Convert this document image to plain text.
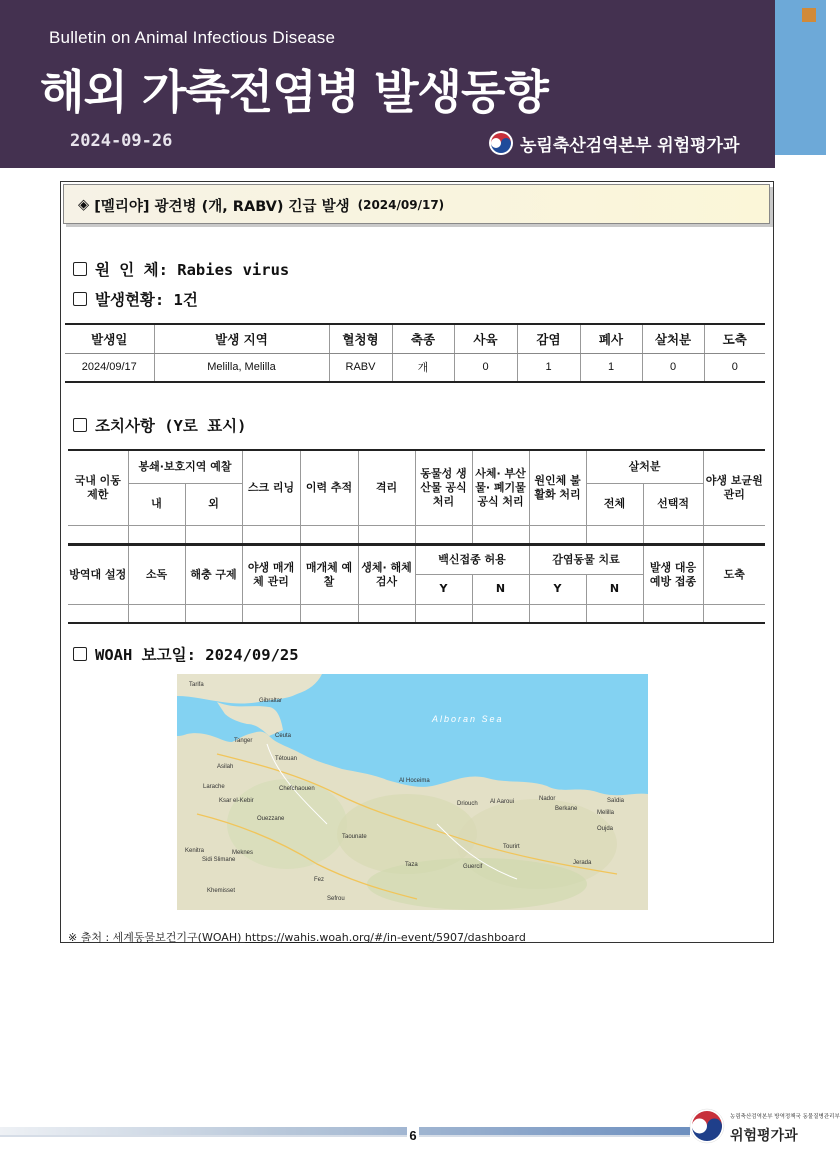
Bulletin on Animal Infectious Disease
해외 가축전염병 발생동향
2024-09-26	농림축산검역본부 위험평가과
◈
[멜리야] 광견병 (개, RABV) 긴급 발생 (2024/09/17)
원 인 체: Rabies virus
발생현황: 1건
발생일	발생 지역	혈청형	축종	사육	감염	폐사	살처분	도축
2024/09/17	Melilla, Melilla	RABV	개	0	1	1	0	0
조치사항 (Y로 표시)
국내 이동 제한	봉쇄·보호지역 예찰		스크 리닝	이력 추적	격리	동물성 생산물 공식 처리	사체· 부산물· 폐기물 공식 처리	원인체 불활화 처리	살처분		야생 보균원 관리
	내	외							전체	선택적	

방역대 설정	소독	해충 구제	야생 매개체 관리	매개체 예찰	생체· 해체 검사	백신접종 허용		감염동물 치료		발생 대응 예방 접종	도축
						Y	N	Y	N		

WOAH 보고일: 2024/09/25
Alboran Sea
Tarifa
Gibraltar
Ceuta
Tanger
Tétouan
Asilah
Chefchaouen
Larache
Ksar el-Kebir
Al Hoceima
Nador
Melilla
Ouezzane
Taounate
Taza	Guercif
Fez
Meknes
Oujda
Berkane
Driouch
Sefrou
Sidi Slimane
Kenitra
Khemisset
Al Aaroui	Saïdia
Jerada
Tourirt
※ 출처 : 세계동물보건기구(WOAH) https://wahis.woah.org/#/in-event/5907/dashboard
6
농림축산검역본부 방역정책국 동물질병관리부
위험평가과
